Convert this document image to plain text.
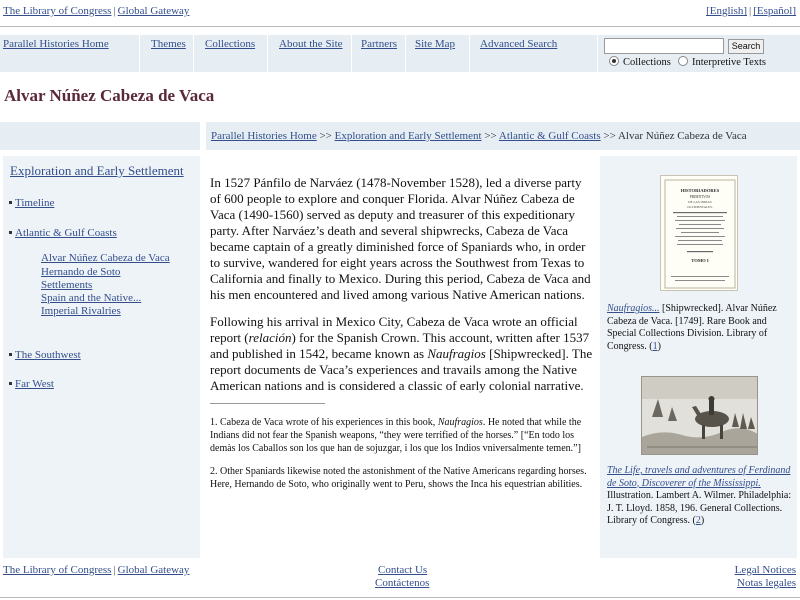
The Library of Congress | Global Gateway	[English] | [Español]
Parallel Histories Home	Themes Collections About the Site Partners Site Map Advanced Search	Search
Collections Interpretive Texts
Alvar Núñez Cabeza de Vaca
Parallel Histories Home >> Exploration and Early Settlement >> Atlantic & Gulf Coasts >> Alvar Núñez Cabeza de Vaca
Exploration and Early Settlement
Timeline
Atlantic & Gulf Coasts
Alvar Núñez Cabeza de Vaca
Hernando de Soto
Settlements
Spain and the Native...
Imperial Rivalries
The Southwest
Far West

In 1527 Pánfilo de Narváez (1478-November 1528), led a diverse party of 600 people to explore and conquer Florida. Alvar Núñez Cabeza de Vaca (1490-1560) served as deputy and treasurer of this expeditionary party. After Narváez’s death and several shipwrecks, Cabeza de Vaca became captain of a greatly diminished force of Spaniards who, in order to survive, wandered for eight years across the Southwest from Texas to California and finally to Mexico. During this period, Cabeza de Vaca and his men encountered and lived among various Native American nations.

Following his arrival in Mexico City, Cabeza de Vaca wrote an official report (relación) for the Spanish Crown. This account, written after 1537 and published in 1542, became known as Naufragios [Shipwrecked]. The report documents de Vaca’s experiences and travails among the Native American nations and is considered a classic of early colonial narrative.

1. Cabeza de Vaca wrote of his experiences in this book, Naufragios. He noted that while the Indians did not fear the Spanish weapons, “they were terrified of the horses.” [“En todo los demàs los Caballos son los que han de sojuzgar, i los que los Indios vniversalmente temen.”]
2. Other Spaniards likewise noted the astonishment of the Native Americans regarding horses. Here, Hernando de Soto, who originally went to Peru, shows the Inca his equestrian abilities.
HISTORIADORES
PRIMITIVOS
DE LAS INDIAS
OCCIDENTALES,
TOMO I
Naufragios... [Shipwrecked]. Alvar Núñez Cabeza de Vaca. [1749]. Rare Book and Special Collections Division. Library of Congress. (1)
The Life, travels and adventures of Ferdinand de Soto, Discoverer of the Mississippi. Illustration. Lambert A. Wilmer. Philadelphia: J. T. Lloyd. 1858, 196. General Collections. Library of Congress. (2)
The Library of Congress | Global Gateway	Contact Us
Contáctenos
Legal Notices
Notas legales
